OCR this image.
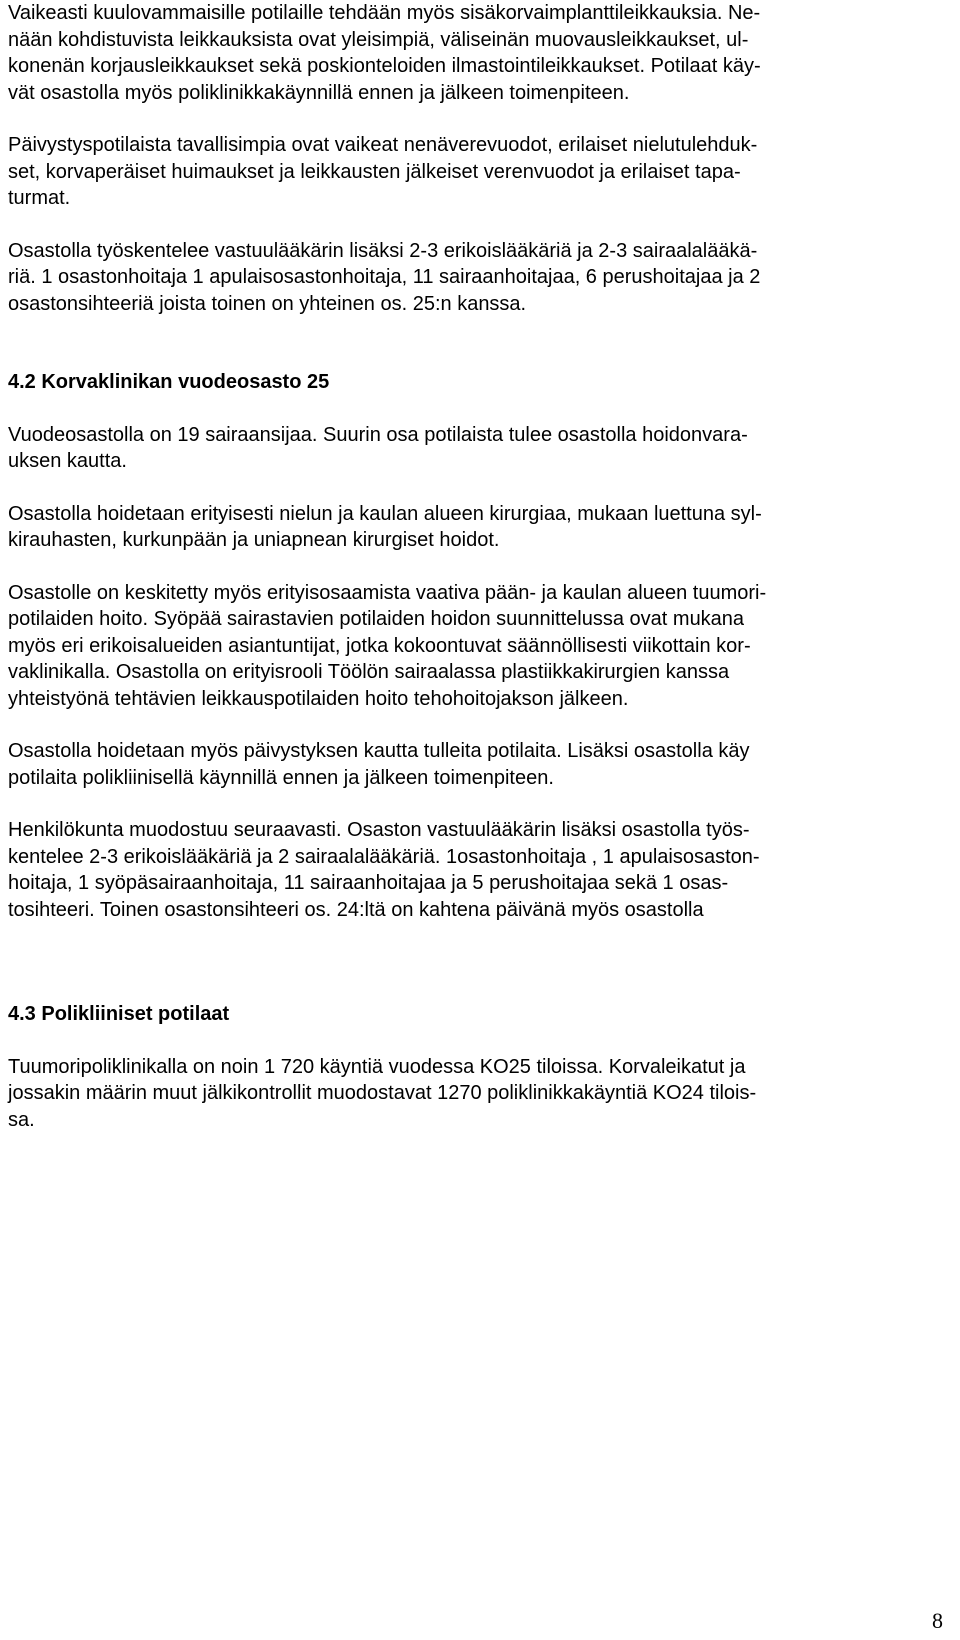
Vaikeasti kuulovammaisille potilaille tehdään myös sisäkorvaimplanttileikkauksia. Ne-
nään kohdistuvista leikkauksista ovat yleisimpiä, väliseinän muovausleikkaukset, ul-
konenän korjausleikkaukset sekä poskionteloiden ilmastointileikkaukset. Potilaat käy-
vät osastolla myös poliklinikkakäynnillä ennen ja jälkeen toimenpiteen.

Päivystyspotilaista tavallisimpia ovat vaikeat nenäverevuodot, erilaiset nielutulehduk-
set, korvaperäiset huimaukset ja leikkausten jälkeiset verenvuodot ja erilaiset tapa-
turmat.

Osastolla työskentelee vastuulääkärin lisäksi 2-3 erikoislääkäriä ja 2-3 sairaalalääkä-
riä. 1 osastonhoitaja 1 apulaisosastonhoitaja, 11 sairaanhoitajaa, 6 perushoitajaa ja 2
osastonsihteeriä joista toinen on yhteinen os. 25:n kanssa.

4.2 Korvaklinikan vuodeosasto 25

Vuodeosastolla on 19 sairaansijaa. Suurin osa potilaista tulee osastolla hoidonvara-
uksen kautta.

Osastolla hoidetaan erityisesti nielun ja kaulan alueen kirurgiaa, mukaan luettuna syl-
kirauhasten, kurkunpään ja uniapnean kirurgiset hoidot.

Osastolle on keskitetty myös erityisosaamista vaativa pään- ja kaulan alueen tuumori-
potilaiden hoito. Syöpää sairastavien potilaiden hoidon suunnittelussa ovat mukana
myös eri erikoisalueiden asiantuntijat, jotka kokoontuvat säännöllisesti viikottain kor-
vaklinikalla. Osastolla on erityisrooli Töölön sairaalassa plastiikkakirurgien kanssa
yhteistyönä tehtävien leikkauspotilaiden hoito tehohoitojakson jälkeen.

Osastolla hoidetaan myös päivystyksen kautta tulleita potilaita. Lisäksi osastolla käy
potilaita polikliinisellä käynnillä ennen ja jälkeen toimenpiteen.

Henkilökunta muodostuu seuraavasti. Osaston vastuulääkärin lisäksi osastolla työs-
kentelee 2-3 erikoislääkäriä ja 2 sairaalalääkäriä. 1osastonhoitaja , 1 apulaisosaston-
hoitaja, 1 syöpäsairaanhoitaja, 11 sairaanhoitajaa ja 5 perushoitajaa sekä 1 osas-
tosihteeri. Toinen osastonsihteeri os. 24:ltä on kahtena päivänä myös osastolla

4.3 Polikliiniset potilaat

Tuumoripoliklinikalla on noin 1 720 käyntiä vuodessa KO25 tiloissa. Korvaleikatut ja
jossakin määrin muut jälkikontrollit muodostavat 1270 poliklinikkakäyntiä KO24 tilois-
sa.

8
